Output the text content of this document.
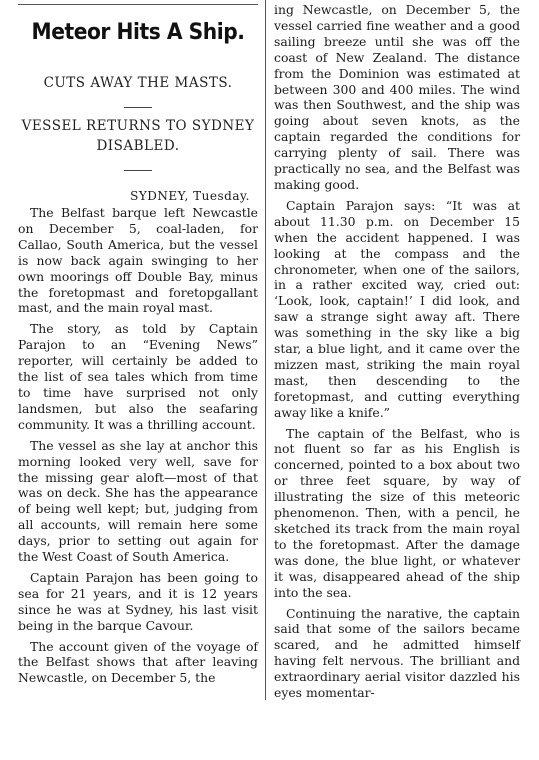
Meteor Hits A Ship.
CUTS AWAY THE MASTS.
VESSEL RETURNS TO SYDNEY DISABLED.
SYDNEY, Tuesday.

The Belfast barque left Newcastle on December 5, coal-laden, for Callao, South America, but the vessel is now back again swinging to her own moorings off Double Bay, minus the foretopmast and foretopgallant mast, and the main royal mast.

The story, as told by Captain Parajon to an “Evening News” reporter, will certainly be added to the list of sea tales which from time to time have surprised not only landsmen, but also the seafaring community. It was a thrilling account.

The vessel as she lay at anchor this morning looked very well, save for the missing gear aloft—most of that was on deck. She has the appearance of being well kept; but, judging from all accounts, will remain here some days, prior to setting out again for the West Coast of South America.

Captain Parajon has been going to sea for 21 years, and it is 12 years since he was at Sydney, his last visit being in the barque Cavour.

The account given of the voyage of the Belfast shows that after leaving Newcastle, on December 5, the

ing Newcastle, on December 5, the vessel carried fine weather and a good sailing breeze until she was off the coast of New Zealand. The distance from the Dominion was estimated at between 300 and 400 miles. The wind was then Southwest, and the ship was going about seven knots, as the captain regarded the conditions for carrying plenty of sail. There was practically no sea, and the Belfast was making good.

Captain Parajon says: “It was at about 11.30 p.m. on December 15 when the accident happened. I was looking at the compass and the chronometer, when one of the sailors, in a rather excited way, cried out: ‘Look, look, captain!’ I did look, and saw a strange sight away aft. There was something in the sky like a big star, a blue light, and it came over the mizzen mast, striking the main royal mast, then descending to the foretopmast, and cutting everything away like a knife.”

The captain of the Belfast, who is not fluent so far as his English is concerned, pointed to a box about two or three feet square, by way of illustrating the size of this meteoric phenomenon. Then, with a pencil, he sketched its track from the main royal to the foretopmast. After the damage was done, the blue light, or whatever it was, disappeared ahead of the ship into the sea.

Continuing the narative, the captain said that some of the sailors became scared, and he admitted himself having felt nervous. The brilliant and extraordinary aerial visitor dazzled his eyes momentar-
